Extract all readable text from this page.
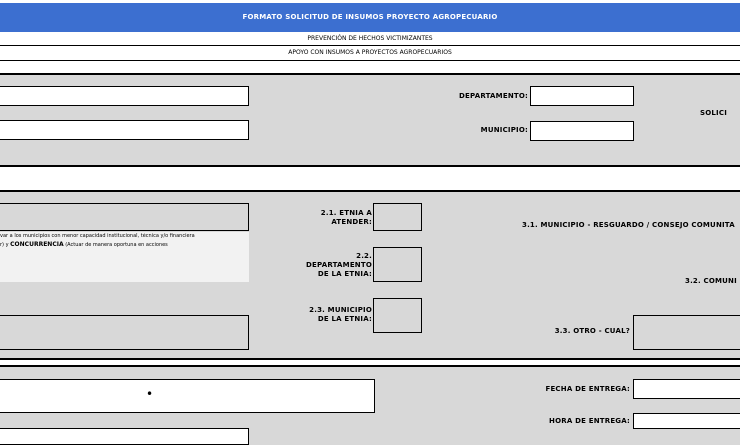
FORMATO SOLICITUD DE INSUMOS PROYECTO AGROPECUARIO
PREVENCIÓN DE HECHOS VICTIMIZANTES
APOYO CON INSUMOS A PROYECTOS AGROPECUARIOS
DEPARTAMENTO:
MUNICIPIO:
SOLICI
var a los municipios con menor capacidad institucional, técnica y/o financiera
r) y CONCURRENCIA (Actuar de manera oportuna en acciones
2.1. ETNIA A
ATENDER:
2.2.
DEPARTAMENTO
DE LA ETNIA:
2.3. MUNICIPIO
DE LA ETNIA:
3.1. MUNICIPIO - RESGUARDO / CONSEJO COMUNITA
3.2. COMUNI
3.3. OTRO - CUAL?
•	FECHA DE ENTREGA:
HORA DE ENTREGA:
